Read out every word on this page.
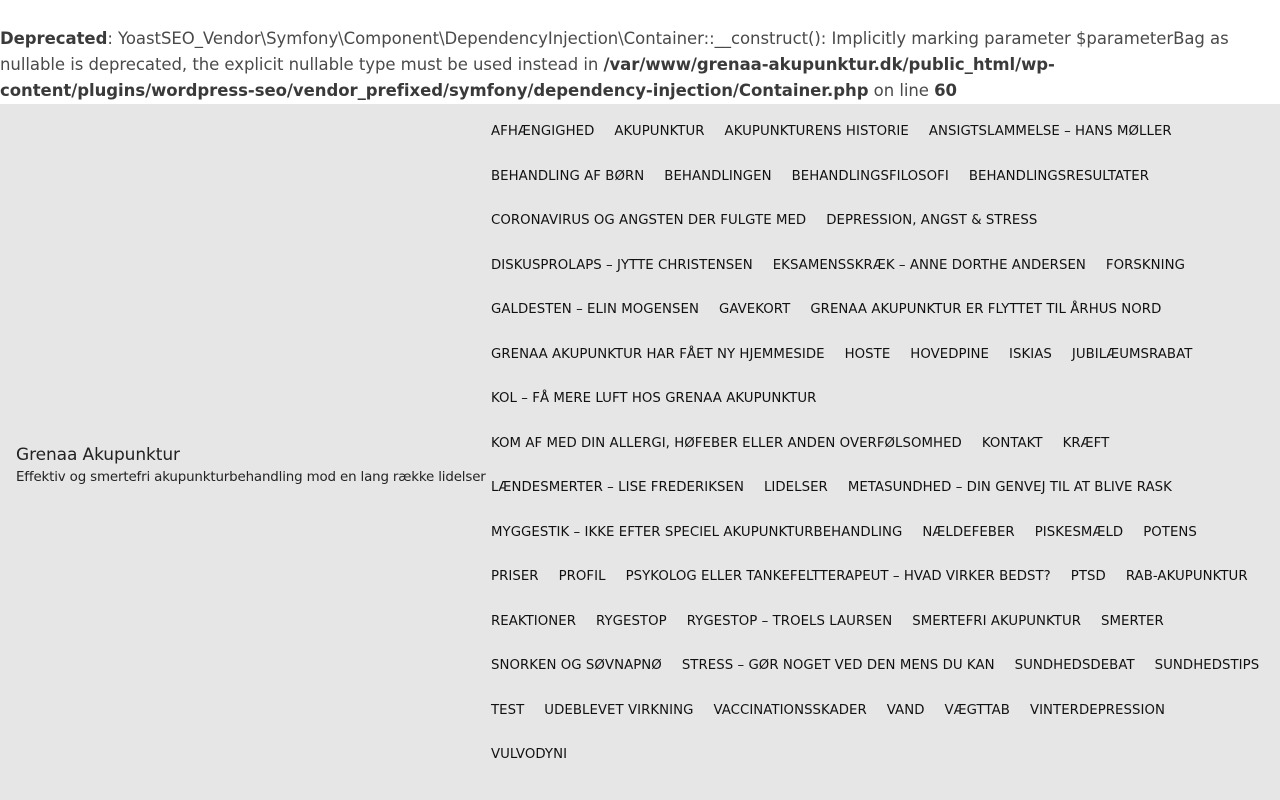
Deprecated: YoastSEO_Vendor\Symfony\Component\DependencyInjection\Container::__construct(): Implicitly marking parameter $parameterBag as nullable is deprecated, the explicit nullable type must be used instead in /var/www/grenaa-akupunktur.dk/public_html/wp-content/plugins/wordpress-seo/vendor_prefixed/symfony/dependency-injection/Container.php on line 60
Grenaa Akupunktur
Effektiv og smertefri akupunkturbehandling mod en lang række lidelser
AFHÆNGIGHED	AKUPUNKTUR	AKUPUNKTURENS HISTORIE	ANSIGTSLAMMELSE – HANS MØLLER
BEHANDLING AF BØRN	BEHANDLINGEN	BEHANDLINGSFILOSOFI	BEHANDLINGSRESULTATER
CORONAVIRUS OG ANGSTEN DER FULGTE MED	DEPRESSION, ANGST & STRESS
DISKUSPROLAPS – JYTTE CHRISTENSEN	EKSAMENSSKRÆK – ANNE DORTHE ANDERSEN	FORSKNING
GALDESTEN – ELIN MOGENSEN	GAVEKORT	GRENAA AKUPUNKTUR ER FLYTTET TIL ÅRHUS NORD
GRENAA AKUPUNKTUR HAR FÅET NY HJEMMESIDE	HOSTE	HOVEDPINE	ISKIAS	JUBILÆUMSRABAT
KOL – FÅ MERE LUFT HOS GRENAA AKUPUNKTUR
KOM AF MED DIN ALLERGI, HØFEBER ELLER ANDEN OVERFØLSOMHED	KONTAKT	KRÆFT
LÆNDESMERTER – LISE FREDERIKSEN	LIDELSER	METASUNDHED – DIN GENVEJ TIL AT BLIVE RASK
MYGGESTIK – IKKE EFTER SPECIEL AKUPUNKTURBEHANDLING	NÆLDEFEBER	PISKESMÆLD	POTENS
PRISER	PROFIL	PSYKOLOG ELLER TANKEFELTTERAPEUT – HVAD VIRKER BEDST?	PTSD	RAB-AKUPUNKTUR
REAKTIONER	RYGESTOP	RYGESTOP – TROELS LAURSEN	SMERTEFRI AKUPUNKTUR	SMERTER
SNORKEN OG SØVNAPNØ	STRESS – GØR NOGET VED DEN MENS DU KAN	SUNDHEDSDEBAT	SUNDHEDSTIPS
TEST	UDEBLEVET VIRKNING	VACCINATIONSSKADER	VAND	VÆGTTAB	VINTERDEPRESSION
VULVODYNI
